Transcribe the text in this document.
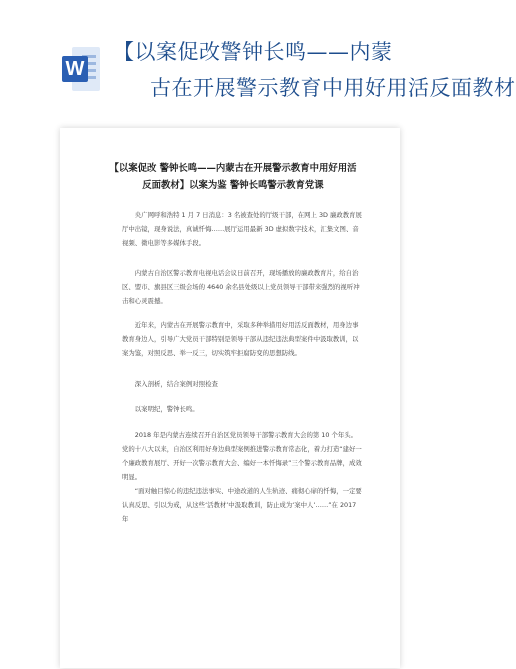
W
【以案促改警钟长鸣——内蒙
古在开展警示教育中用好用活反面教材
【以案促改 警钟长鸣——内蒙古在开展警示教育中用好用活反面教材】以案为鉴 警钟长鸣警示教育党课
央广网呼和浩特 1 月 7 日消息：3 名被查处的厅级干部，在网上 3D 廉政教育展厅中出镜，现身说法，真诚忏悔……展厅运用最新 3D 虚拟数字技术，汇集文图、音视频、微电影等多媒体手段。
内蒙古自治区警示教育电视电话会议日前召开，现场播放的廉政教育片，给自治区、盟市、旗县区三级会场的 4640 余名县处级以上党员领导干部带来强烈的视听冲击和心灵震撼。
近年来，内蒙古在开展警示教育中，采取多种举措用好用活反面教材，用身边事教育身边人，引导广大党员干部特别是领导干部从违纪违法典型案件中汲取教训，以案为鉴，对照反思、举一反三，切实筑牢拒腐防变的思想防线。
深入剖析，结合案例对照检查
以案明纪，警钟长鸣。
2018 年是内蒙古连续召开自治区党员领导干部警示教育大会的第 10 个年头。党的十八大以来，自治区利用好身边典型案例推进警示教育常态化，着力打造“建好一个廉政教育展厅、开好一次警示教育大会、编好一本忏悔录”三个警示教育品牌，成效明显。
“面对触目惊心的违纪违法事实、中途改道的人生轨迹、痛彻心扉的忏悔，一定要认真反思、引以为戒，从这些‘活教材’中汲取教训，防止成为‘案中人’……”在 2017 年
